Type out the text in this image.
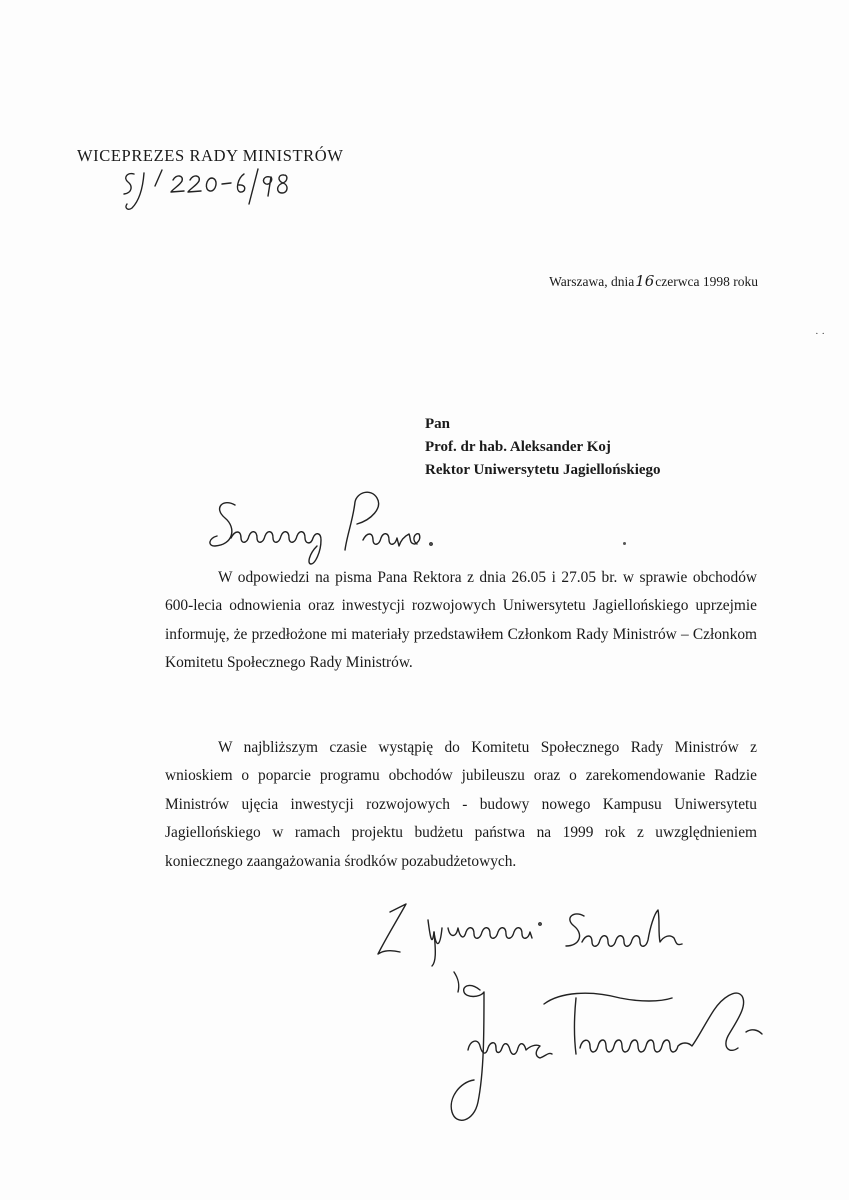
WICEPREZES RADY MINISTRÓW
Warszawa, dnia16czerwca 1998 roku
· ·
Pan
Prof. dr hab. Aleksander Koj
Rektor Uniwersytetu Jagiellońskiego

W odpowiedzi na pisma Pana Rektora z dnia 26.05 i 27.05 br. w sprawie obchodów 600-lecia odnowienia oraz inwestycji rozwojowych Uniwersytetu Jagiellońskiego uprzejmie informuję, że przedłożone mi materiały przedstawiłem Członkom Rady Ministrów – Członkom Komitetu Społecznego Rady Ministrów.

W najbliższym czasie wystąpię do Komitetu Społecznego Rady Ministrów z wnioskiem o poparcie programu obchodów jubileuszu oraz o zarekomendowanie Radzie Ministrów ujęcia inwestycji rozwojowych - budowy nowego Kampusu Uniwersytetu Jagiellońskiego w ramach projektu budżetu państwa na 1999 rok z uwzględnieniem koniecznego zaangażowania środków pozabudżetowych.
